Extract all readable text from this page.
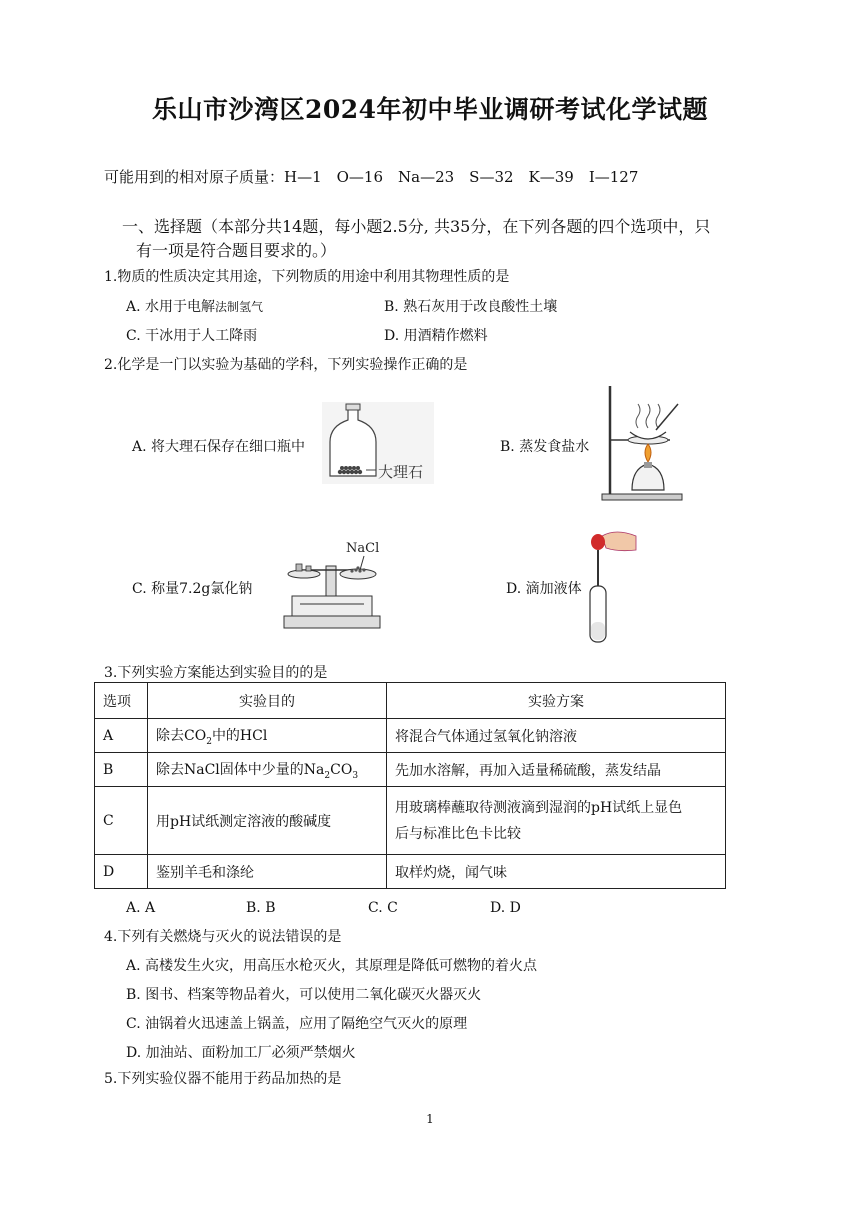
乐山市沙湾区2024年初中毕业调研考试化学试题
可能用到的相对原子质量：H—1　O—16　Na—23　S—32　K—39　I—127
一、选择题（本部分共14题，每小题2.5分, 共35分，在下列各题的四个选项中，只
有一项是符合题目要求的。）
1.物质的性质决定其用途，下列物质的用途中利用其物理性质的是
A. 水用于电解法制氢气	B. 熟石灰用于改良酸性土壤
C. 干冰用于人工降雨	D. 用酒精作燃料
2.化学是一门以实验为基础的学科，下列实验操作正确的是
A. 将大理石保存在细口瓶中
大理石
B. 蒸发食盐水
C. 称量7.2g氯化钠
NaCl
D. 滴加液体
3.下列实验方案能达到实验目的的是
选项	实验目的	实验方案
A	除去$CO_2$中的HCl	将混合气体通过氢氧化钠溶液
B	除去NaCl固体中少量的$Na_2CO_3$	先加水溶解，再加入适量稀硫酸，蒸发结晶
C	用pH试纸测定溶液的酸碱度	用玻璃棒蘸取待测液滴到湿润的pH试纸上显色
后与标准比色卡比较

D	鉴别羊毛和涤纶	取样灼烧，闻气味
A. A	B. B	C. C	D. D
4.下列有关燃烧与灭火的说法错误的是
A. 高楼发生火灾，用高压水枪灭火，其原理是降低可燃物的着火点
B. 图书、档案等物品着火，可以使用二氧化碳灭火器灭火
C. 油锅着火迅速盖上锅盖，应用了隔绝空气灭火的原理
D. 加油站、面粉加工厂必须严禁烟火
5.下列实验仪器不能用于药品加热的是
1
